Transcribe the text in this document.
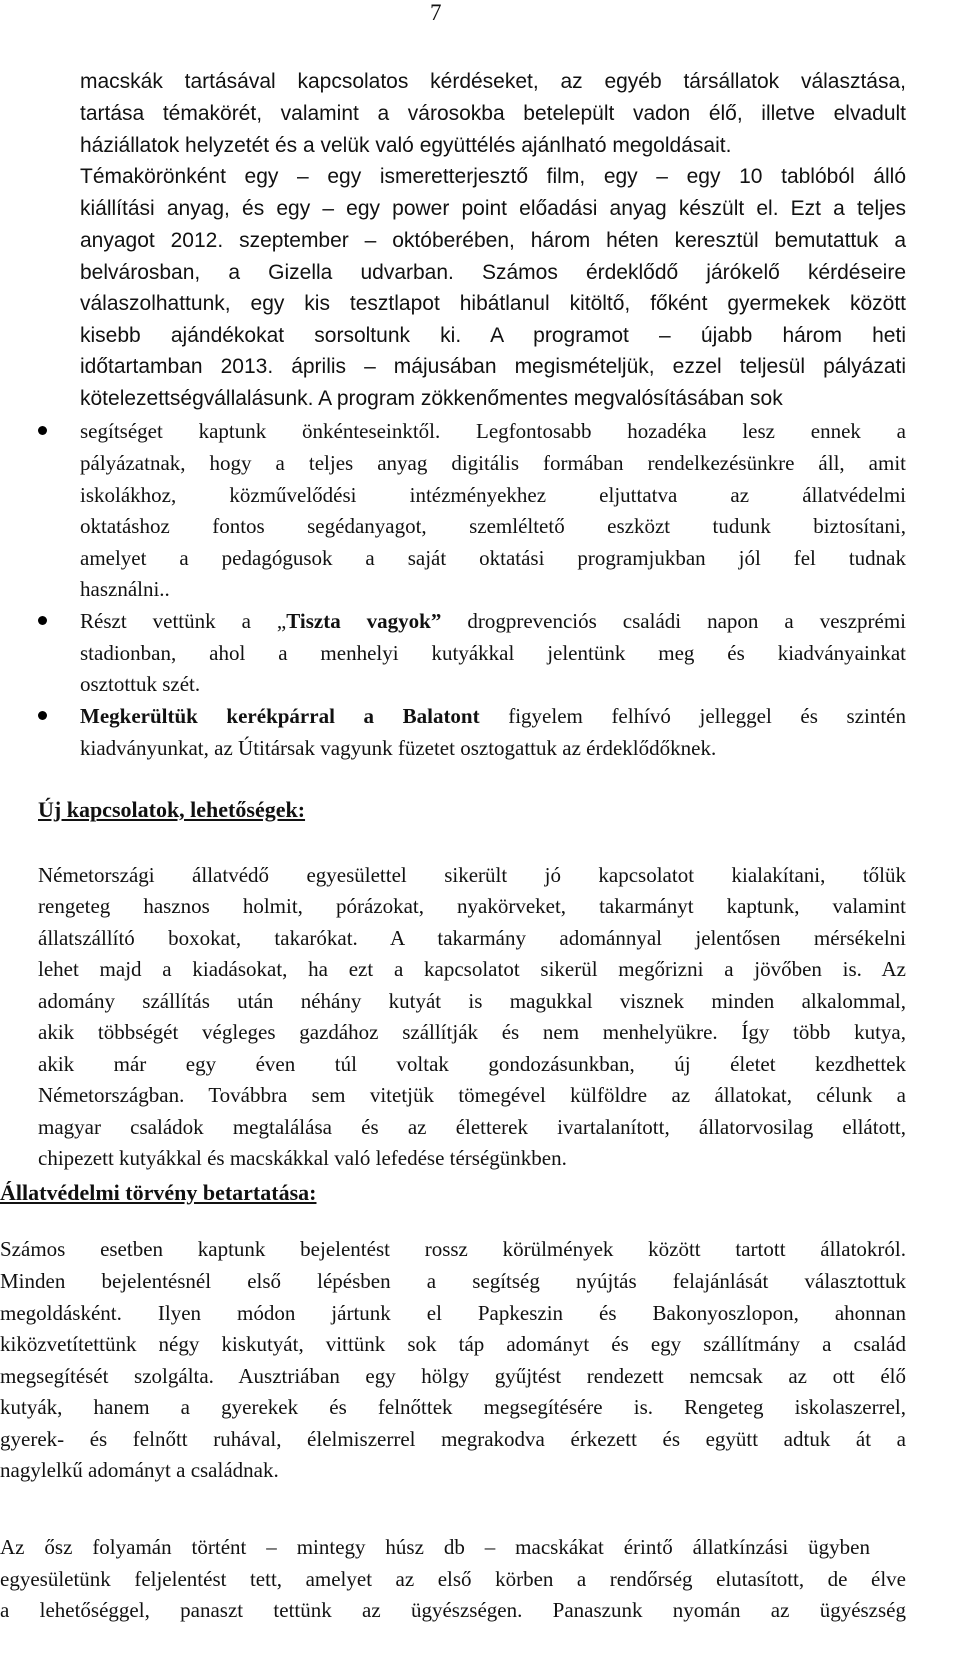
7
macskák tartásával kapcsolatos kérdéseket, az egyéb társállatok választása,
tartása témakörét, valamint a városokba betelepült vadon élő, illetve elvadult
háziállatok helyzetét és a velük való együttélés ajánlható megoldásait.
Témakörönként egy – egy ismeretterjesztő film, egy – egy 10 tablóból álló
kiállítási anyag, és egy – egy power point előadási anyag készült el. Ezt a teljes
anyagot 2012. szeptember – októberében, három héten keresztül bemutattuk a
belvárosban, a Gizella udvarban. Számos érdeklődő járókelő kérdéseire
válaszolhattunk, egy kis tesztlapot hibátlanul kitöltő, főként gyermekek között
kisebb ajándékokat sorsoltunk ki. A programot – újabb három heti
időtartamban 2013. április – májusában megismételjük, ezzel teljesül pályázati
kötelezettségvállalásunk. A program zökkenőmentes megvalósításában sok
segítséget kaptunk önkénteseinktől. Legfontosabb hozadéka lesz ennek a
pályázatnak, hogy a teljes anyag digitális formában rendelkezésünkre áll, amit
iskolákhoz, közművelődési intézményekhez eljuttatva az állatvédelmi
oktatáshoz fontos segédanyagot, szemléltető eszközt tudunk biztosítani,
amelyet a pedagógusok a saját oktatási programjukban jól fel tudnak
használni..
Részt vettünk a „Tiszta vagyok” drogprevenciós családi napon a veszprémi
stadionban, ahol a menhelyi kutyákkal jelentünk meg és kiadványainkat
osztottuk szét.
Megkerültük kerékpárral a Balatont figyelem felhívó jelleggel és szintén
kiadványunkat, az Útitársak vagyunk füzetet osztogattuk az érdeklődőknek.
Új kapcsolatok, lehetőségek:
Németországi állatvédő egyesülettel sikerült jó kapcsolatot kialakítani, tőlük
rengeteg hasznos holmit, pórázokat, nyakörveket, takarmányt kaptunk, valamint
állatszállító boxokat, takarókat. A takarmány adománnyal jelentősen mérsékelni
lehet majd a kiadásokat, ha ezt a kapcsolatot sikerül megőrizni a jövőben is. Az
adomány szállítás után néhány kutyát is magukkal visznek minden alkalommal,
akik többségét végleges gazdához szállítják és nem menhelyükre. Így több kutya,
akik már egy éven túl voltak gondozásunkban, új életet kezdhettek
Németországban. Továbbra sem vitetjük tömegével külföldre az állatokat, célunk a
magyar családok megtalálása és az életterek ivartalanított, állatorvosilag ellátott,
chipezett kutyákkal és macskákkal való lefedése térségünkben.
Állatvédelmi törvény betartatása:
Számos esetben kaptunk bejelentést rossz körülmények között tartott állatokról.
Minden bejelentésnél első lépésben a segítség nyújtás felajánlását választottuk
megoldásként. Ilyen módon jártunk el Papkeszin és Bakonyoszlopon, ahonnan
kiközvetítettünk négy kiskutyát, vittünk sok táp adományt és egy szállítmány a család
megsegítését szolgálta. Ausztriában egy hölgy gyűjtést rendezett nemcsak az ott élő
kutyák, hanem a gyerekek és felnőttek megsegítésére is. Rengeteg iskolaszerrel,
gyerek- és felnőtt ruhával, élelmiszerrel megrakodva érkezett és együtt adtuk át a
nagylelkű adományt a családnak.
Az ősz folyamán történt – mintegy húsz db – macskákat érintő állatkínzási ügyben
egyesületünk feljelentést tett, amelyet az első körben a rendőrség elutasított, de élve
a lehetőséggel, panaszt tettünk az ügyészségen. Panaszunk nyomán az ügyészség
